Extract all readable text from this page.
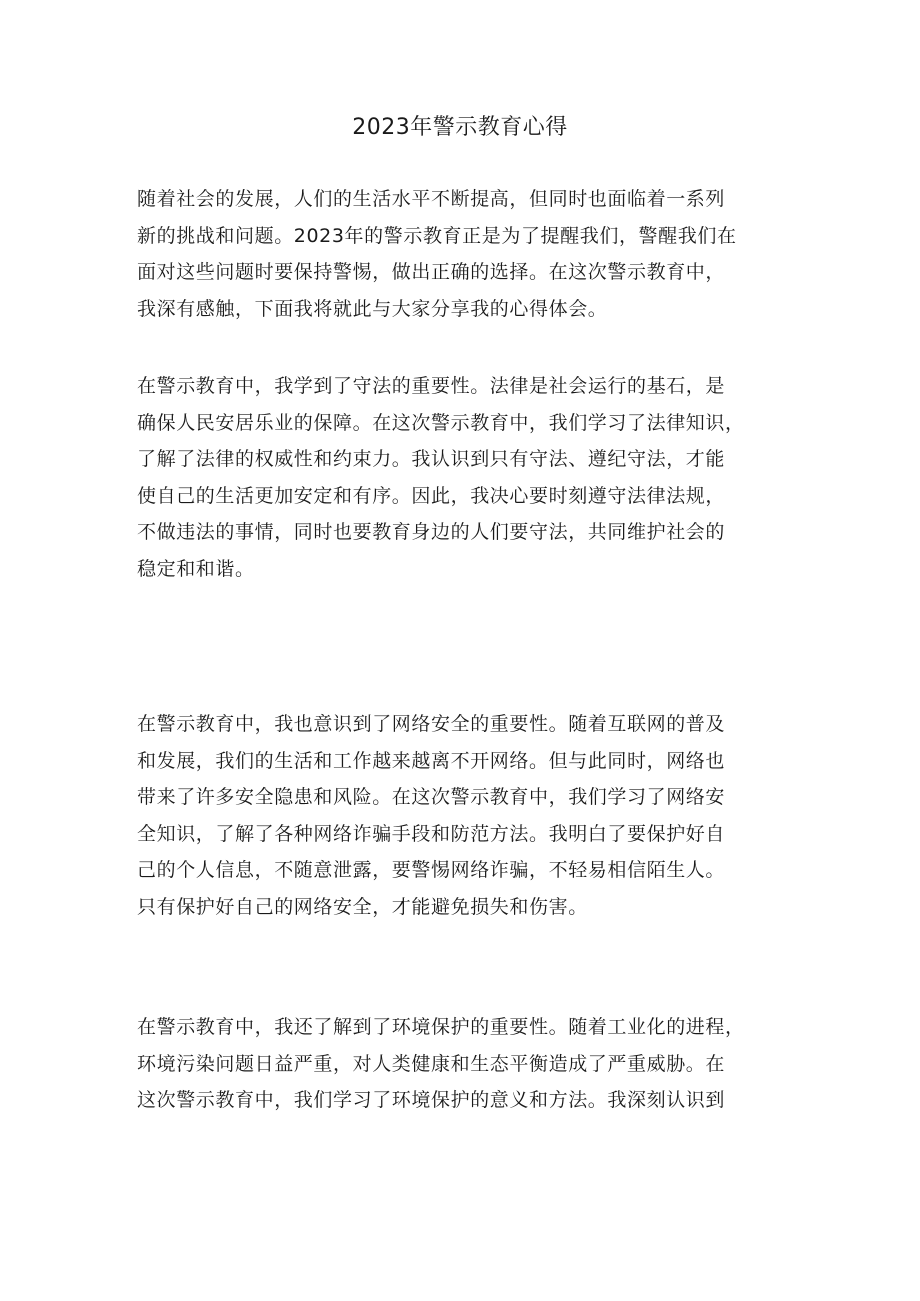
2023年警示教育心得
随着社会的发展，人们的生活水平不断提高，但同时也面临着一系列
新的挑战和问题。2023年的警示教育正是为了提醒我们，警醒我们在
面对这些问题时要保持警惕，做出正确的选择。在这次警示教育中，
我深有感触，下面我将就此与大家分享我的心得体会。
在警示教育中，我学到了守法的重要性。法律是社会运行的基石，是
确保人民安居乐业的保障。在这次警示教育中，我们学习了法律知识，
了解了法律的权威性和约束力。我认识到只有守法、遵纪守法，才能
使自己的生活更加安定和有序。因此，我决心要时刻遵守法律法规，
不做违法的事情，同时也要教育身边的人们要守法，共同维护社会的
稳定和和谐。
在警示教育中，我也意识到了网络安全的重要性。随着互联网的普及
和发展，我们的生活和工作越来越离不开网络。但与此同时，网络也
带来了许多安全隐患和风险。在这次警示教育中，我们学习了网络安
全知识，了解了各种网络诈骗手段和防范方法。我明白了要保护好自
己的个人信息，不随意泄露，要警惕网络诈骗，不轻易相信陌生人。
只有保护好自己的网络安全，才能避免损失和伤害。
在警示教育中，我还了解到了环境保护的重要性。随着工业化的进程，
环境污染问题日益严重，对人类健康和生态平衡造成了严重威胁。在
这次警示教育中，我们学习了环境保护的意义和方法。我深刻认识到
